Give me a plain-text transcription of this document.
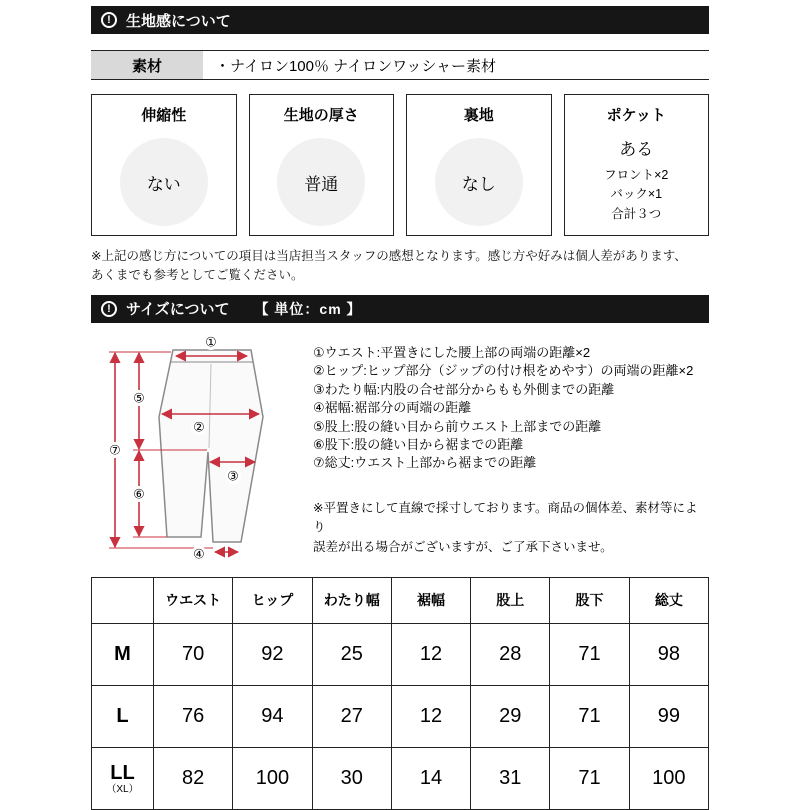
!	生地感について
素材	・ナイロン100％ ナイロンワッシャー素材
伸縮性
ない
生地の厚さ
普通
裏地
なし
ポケット
ある
フロント×2
バック×1
合計３つ
※上記の感じ方についての項目は当店担当スタッフの感想となります。感じ方や好みは個人差があります、
あくまでも参考としてご覧ください。
!	サイズについて 【 単位：cm 】
①
②
③
④
⑤
⑥
⑦
①ウエスト:平置きにした腰上部の両端の距離×2
②ヒップ:ヒップ部分（ジップの付け根をめやす）の両端の距離×2
③わたり幅:内股の合せ部分からもも外側までの距離
④裾幅:裾部分の両端の距離
⑤股上:股の縫い目から前ウエスト上部までの距離
⑥股下:股の縫い目から裾までの距離
⑦総丈:ウエスト上部から裾までの距離
※平置きにして直線で採寸しております。商品の個体差、素材等により
誤差が出る場合がございますが、ご了承下さいませ。
	ウエスト	ヒップ	わたり幅	裾幅	股上	股下	総丈

M	70	92	25	12	28	71	98

L	76	94	27	12	29	71	99

LL
（XL）	82	100	30	14	31	71	100
